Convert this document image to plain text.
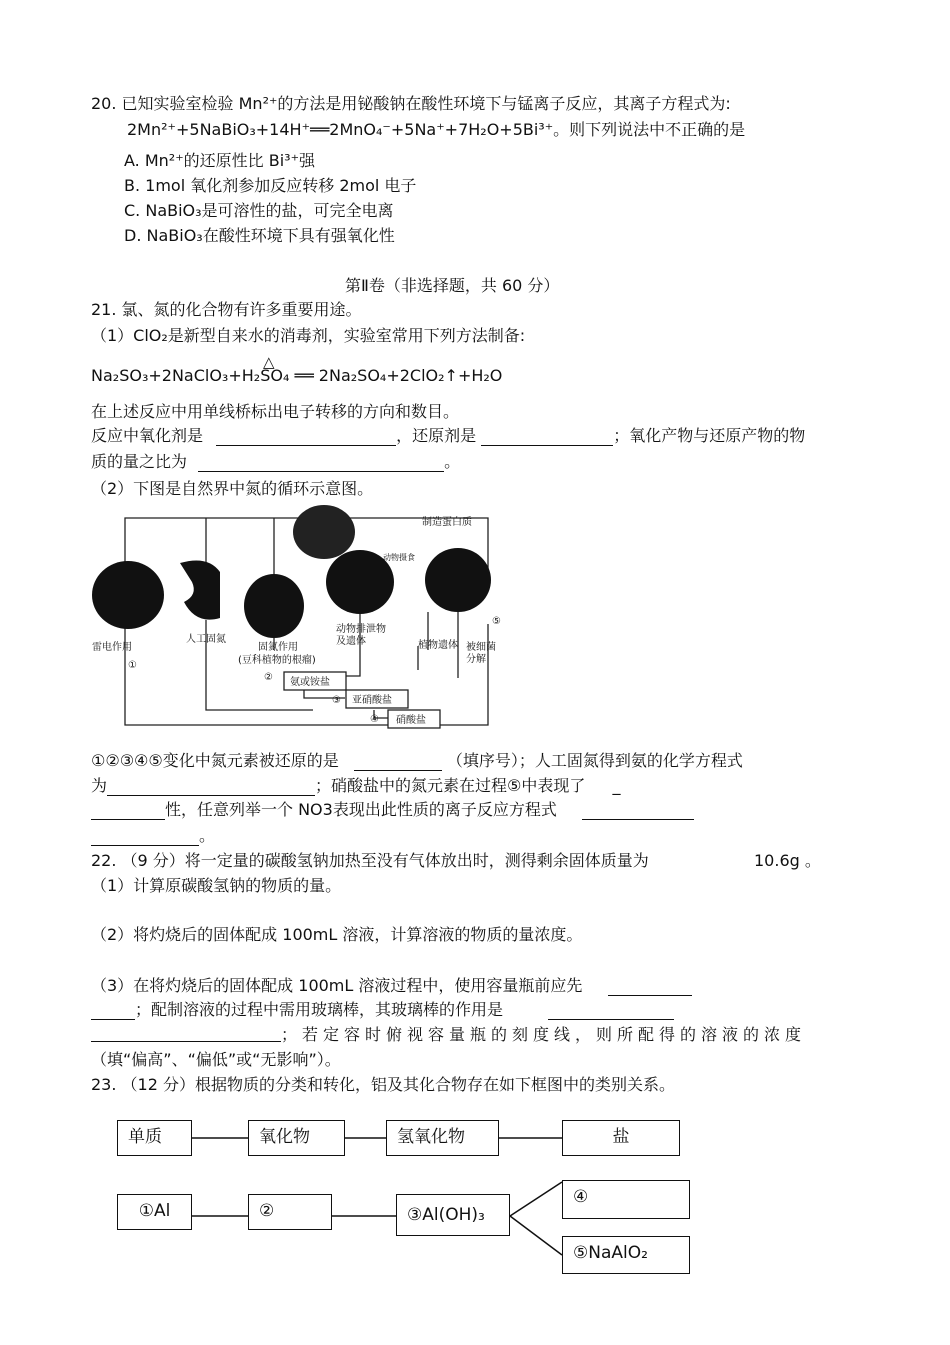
20. 已知实验室检验 Mn²⁺的方法是用铋酸钠在酸性环境下与锰离子反应，其离子方程式为:
2Mn²⁺+5NaBiO₃+14H⁺══2MnO₄⁻+5Na⁺+7H₂O+5Bi³⁺。则下列说法中不正确的是
A. Mn²⁺的还原性比 Bi³⁺强
B. 1mol 氧化剂参加反应转移 2mol 电子
C. NaBiO₃是可溶性的盐，可完全电离
D. NaBiO₃在酸性环境下具有强氧化性
第Ⅱ卷（非选择题，共 60 分）
21. 氯、氮的化合物有许多重要用途。
（1）ClO₂是新型自来水的消毒剂，实验室常用下列方法制备:
△
Na₂SO₃+2NaClO₃+H₂SO₄ ══ 2Na₂SO₄+2ClO₂↑+H₂O
在上述反应中用单线桥标出电子转移的方向和数目。
反应中氧化剂是	，还原剂是	；氧化产物与还原产物的物
质的量之比为	。
（2）下图是自然界中氮的循环示意图。
雷电作用
人工固氮
固氮作用
(豆科植物的根瘤)
动物排泄物
及遗体	植物遗体
制造蛋白质
动物摄食
被细菌
分解
氨或铵盐
亚硝酸盐
硝酸盐
①
②
③
④
⑤
①②③④⑤变化中氮元素被还原的是	（填序号）；人工固氮得到氨的化学方程式
为	；硝酸盐中的氮元素在过程⑤中表现了 _
性，任意列举一个 NO3表现出此性质的离子反应方程式
。
22. （9 分）将一定量的碳酸氢钠加热至没有气体放出时，测得剩余固体质量为	10.6g 。
（1）计算原碳酸氢钠的物质的量。
（2）将灼烧后的固体配成 100mL 溶液，计算溶液的物质的量浓度。
（3）在将灼烧后的固体配成 100mL 溶液过程中，使用容量瓶前应先
；配制溶液的过程中需用玻璃棒，其玻璃棒的作用是
；若定容时俯视容量瓶的刻度线，则所配得的溶液的浓度
（填“偏高”、“偏低”或“无影响”）。
23. （12 分）根据物质的分类和转化，铝及其化合物存在如下框图中的类别关系。
单质	氧化物	氢氧化物	盐
①Al	②	③Al(OH)₃
④
⑤NaAlO₂
